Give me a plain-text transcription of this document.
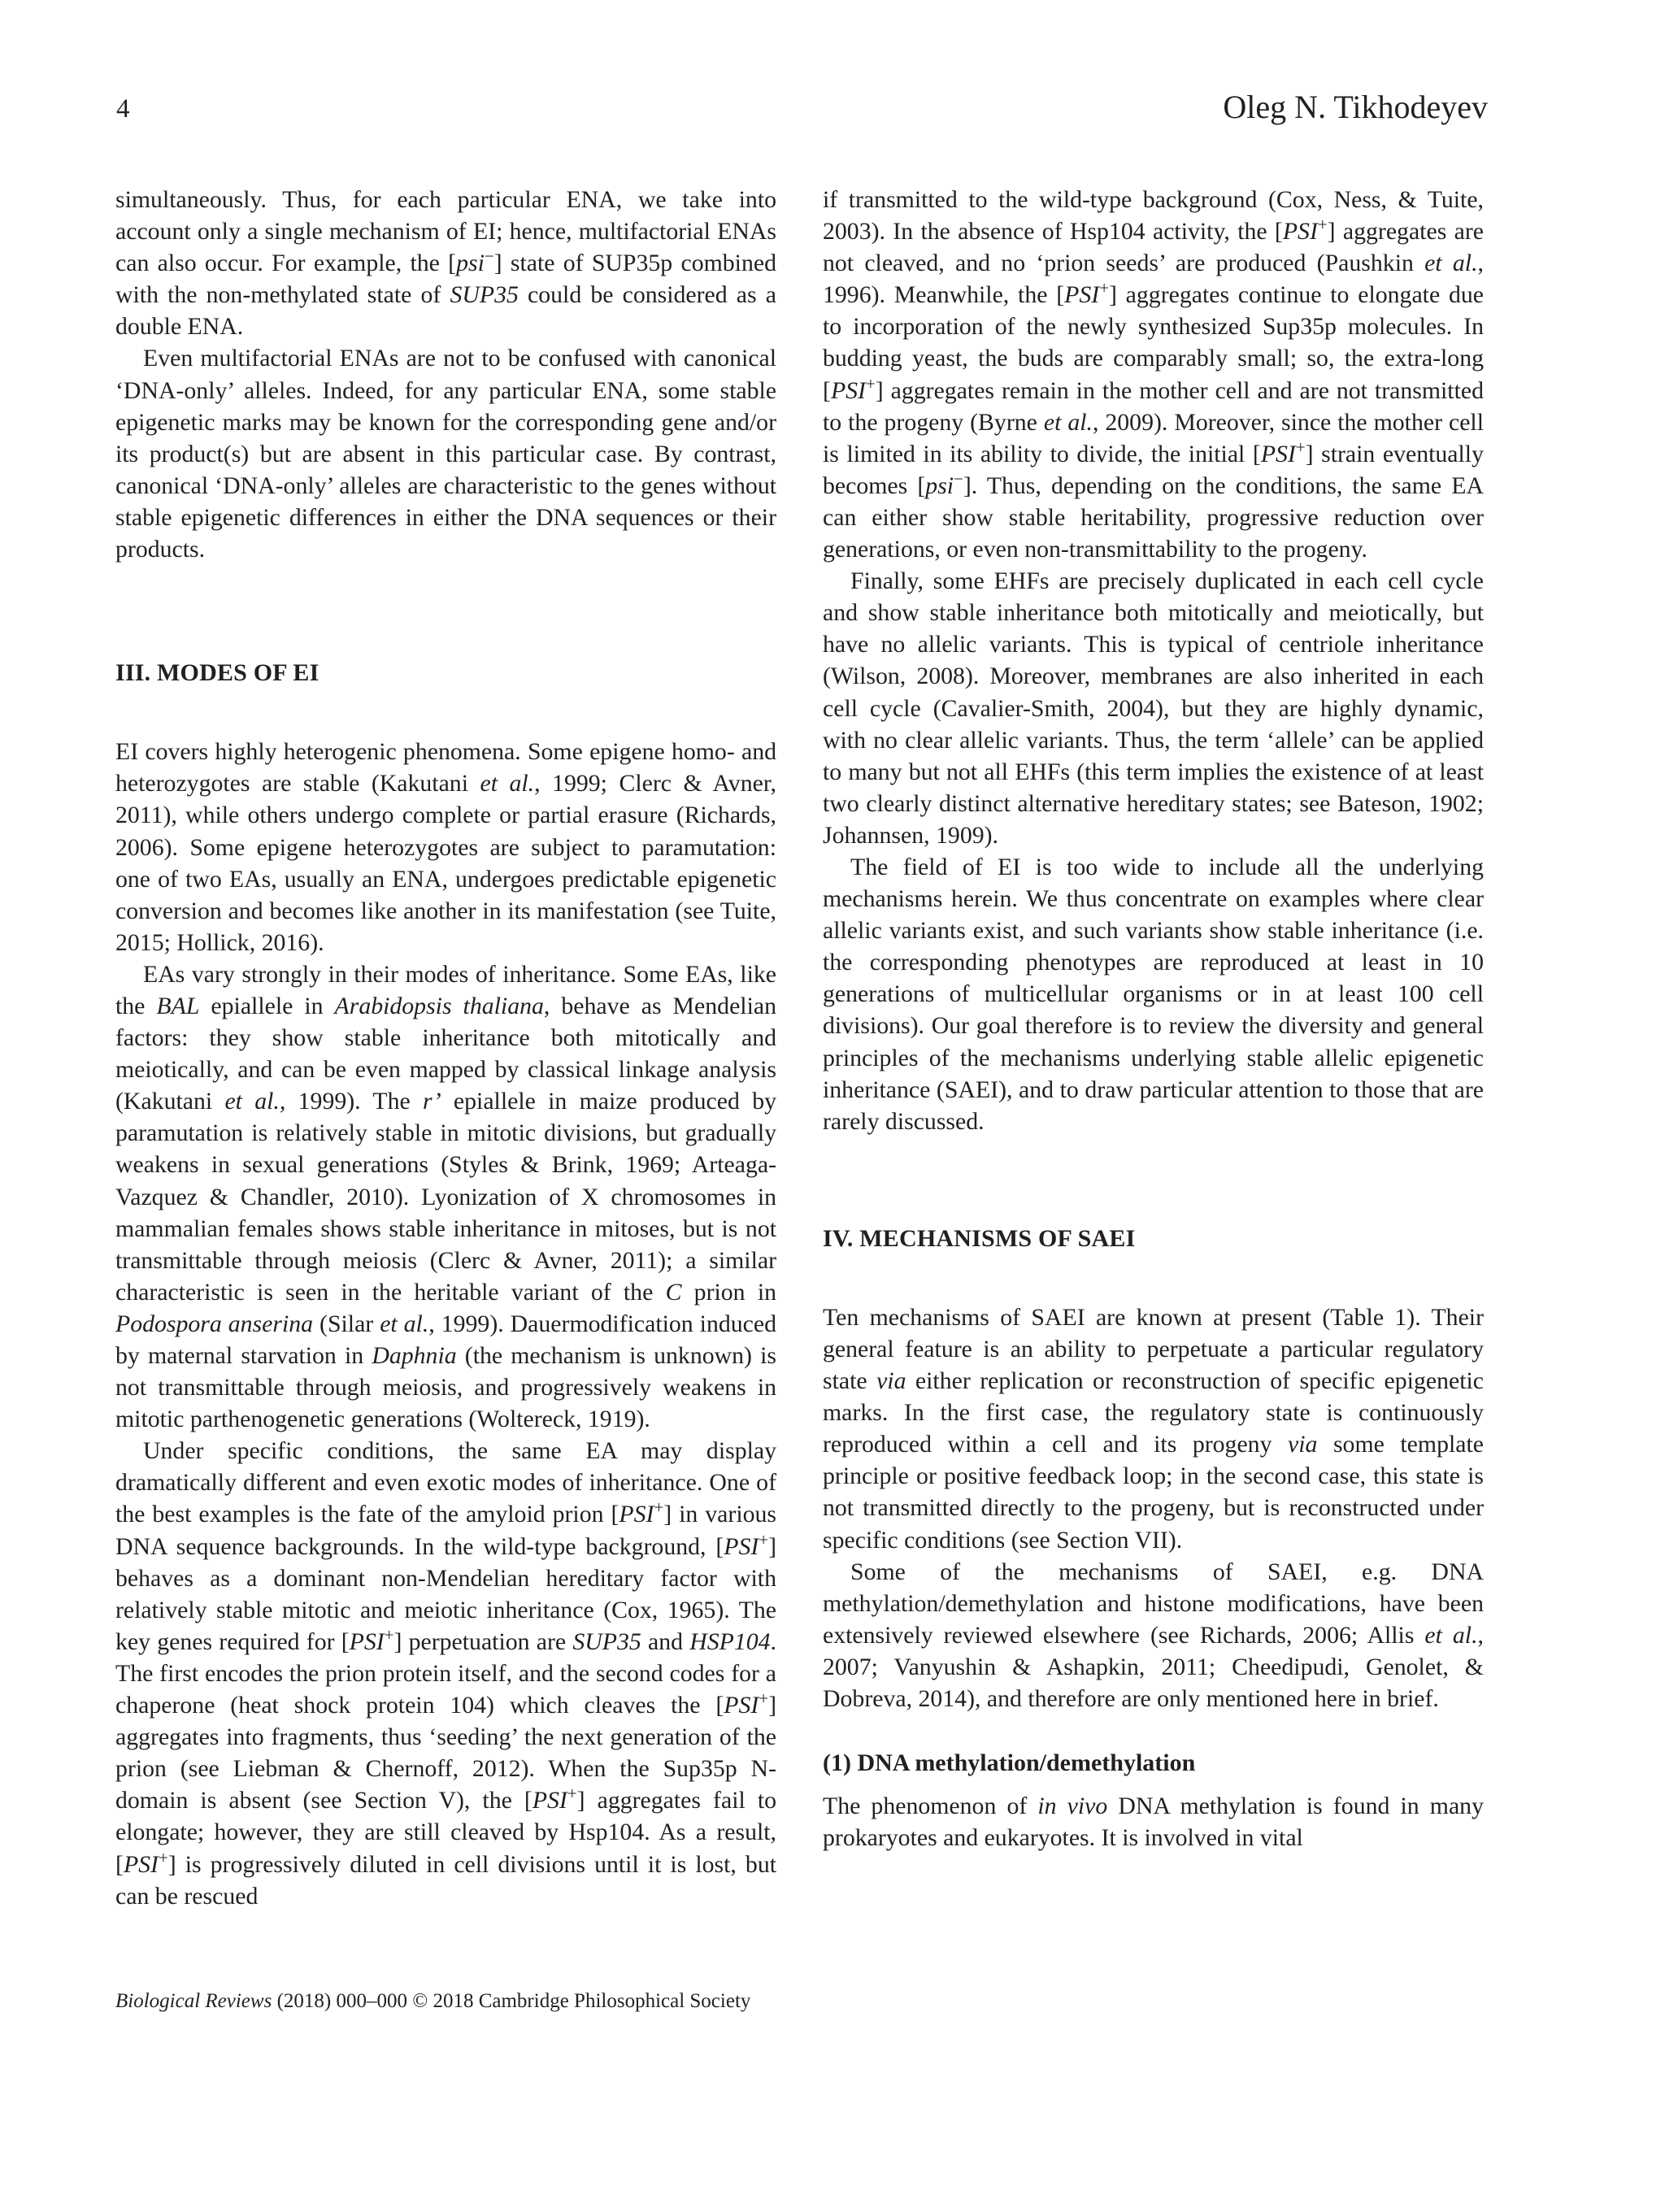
4	Oleg N. Tikhodeyev

simultaneously. Thus, for each particular ENA, we take into account only a single mechanism of EI; hence, multifactorial ENAs can also occur. For example, the [psi−] state of SUP35p combined with the non-methylated state of SUP35 could be considered as a double ENA.

Even multifactorial ENAs are not to be confused with canonical ‘DNA-only’ alleles. Indeed, for any particular ENA, some stable epigenetic marks may be known for the corresponding gene and/or its product(s) but are absent in this particular case. By contrast, canonical ‘DNA-only’ alleles are characteristic to the genes without stable epigenetic differences in either the DNA sequences or their products.

III. MODES OF EI

EI covers highly heterogenic phenomena. Some epigene homo- and heterozygotes are stable (Kakutani et al., 1999; Clerc & Avner, 2011), while others undergo complete or partial erasure (Richards, 2006). Some epigene heterozygotes are subject to paramutation: one of two EAs, usually an ENA, undergoes predictable epigenetic conversion and becomes like another in its manifestation (see Tuite, 2015; Hollick, 2016).

EAs vary strongly in their modes of inheritance. Some EAs, like the BAL epiallele in Arabidopsis thaliana, behave as Mendelian factors: they show stable inheritance both mitotically and meiotically, and can be even mapped by classical linkage analysis (Kakutani et al., 1999). The r’ epiallele in maize produced by paramutation is relatively stable in mitotic divisions, but gradually weakens in sexual generations (Styles & Brink, 1969; Arteaga-Vazquez & Chandler, 2010). Lyonization of X chromosomes in mammalian females shows stable inheritance in mitoses, but is not transmittable through meiosis (Clerc & Avner, 2011); a similar characteristic is seen in the heritable variant of the C prion in Podospora anserina (Silar et al., 1999). Dauermodification induced by maternal starvation in Daphnia (the mechanism is unknown) is not transmittable through meiosis, and progressively weakens in mitotic parthenogenetic generations (Woltereck, 1919).

Under specific conditions, the same EA may display dramatically different and even exotic modes of inheritance. One of the best examples is the fate of the amyloid prion [PSI+] in various DNA sequence backgrounds. In the wild-type background, [PSI+] behaves as a dominant non-Mendelian hereditary factor with relatively stable mitotic and meiotic inheritance (Cox, 1965). The key genes required for [PSI+] perpetuation are SUP35 and HSP104. The first encodes the prion protein itself, and the second codes for a chaperone (heat shock protein 104) which cleaves the [PSI+] aggregates into fragments, thus ‘seeding’ the next generation of the prion (see Liebman & Chernoff, 2012). When the Sup35p N-domain is absent (see Section V), the [PSI+] aggregates fail to elongate; however, they are still cleaved by Hsp104. As a result, [PSI+] is progressively diluted in cell divisions until it is lost, but can be rescued

if transmitted to the wild-type background (Cox, Ness, & Tuite, 2003). In the absence of Hsp104 activity, the [PSI+] aggregates are not cleaved, and no ‘prion seeds’ are produced (Paushkin et al., 1996). Meanwhile, the [PSI+] aggregates continue to elongate due to incorporation of the newly synthesized Sup35p molecules. In budding yeast, the buds are comparably small; so, the extra-long [PSI+] aggregates remain in the mother cell and are not transmitted to the progeny (Byrne et al., 2009). Moreover, since the mother cell is limited in its ability to divide, the initial [PSI+] strain eventually becomes [psi−]. Thus, depending on the conditions, the same EA can either show stable heritability, progressive reduction over generations, or even non-transmittability to the progeny.

Finally, some EHFs are precisely duplicated in each cell cycle and show stable inheritance both mitotically and meiotically, but have no allelic variants. This is typical of centriole inheritance (Wilson, 2008). Moreover, membranes are also inherited in each cell cycle (Cavalier-Smith, 2004), but they are highly dynamic, with no clear allelic variants. Thus, the term ‘allele’ can be applied to many but not all EHFs (this term implies the existence of at least two clearly distinct alternative hereditary states; see Bateson, 1902; Johannsen, 1909).

The field of EI is too wide to include all the underlying mechanisms herein. We thus concentrate on examples where clear allelic variants exist, and such variants show stable inheritance (i.e. the corresponding phenotypes are reproduced at least in 10 generations of multicellular organisms or in at least 100 cell divisions). Our goal therefore is to review the diversity and general principles of the mechanisms underlying stable allelic epigenetic inheritance (SAEI), and to draw particular attention to those that are rarely discussed.

IV. MECHANISMS OF SAEI

Ten mechanisms of SAEI are known at present (Table 1). Their general feature is an ability to perpetuate a particular regulatory state via either replication or reconstruction of specific epigenetic marks. In the first case, the regulatory state is continuously reproduced within a cell and its progeny via some template principle or positive feedback loop; in the second case, this state is not transmitted directly to the progeny, but is reconstructed under specific conditions (see Section VII).

Some of the mechanisms of SAEI, e.g. DNA methylation/demethylation and histone modifications, have been extensively reviewed elsewhere (see Richards, 2006; Allis et al., 2007; Vanyushin & Ashapkin, 2011; Cheedipudi, Genolet, & Dobreva, 2014), and therefore are only mentioned here in brief.

(1) DNA methylation/demethylation

The phenomenon of in vivo DNA methylation is found in many prokaryotes and eukaryotes. It is involved in vital

Biological Reviews (2018) 000–000 © 2018 Cambridge Philosophical Society
